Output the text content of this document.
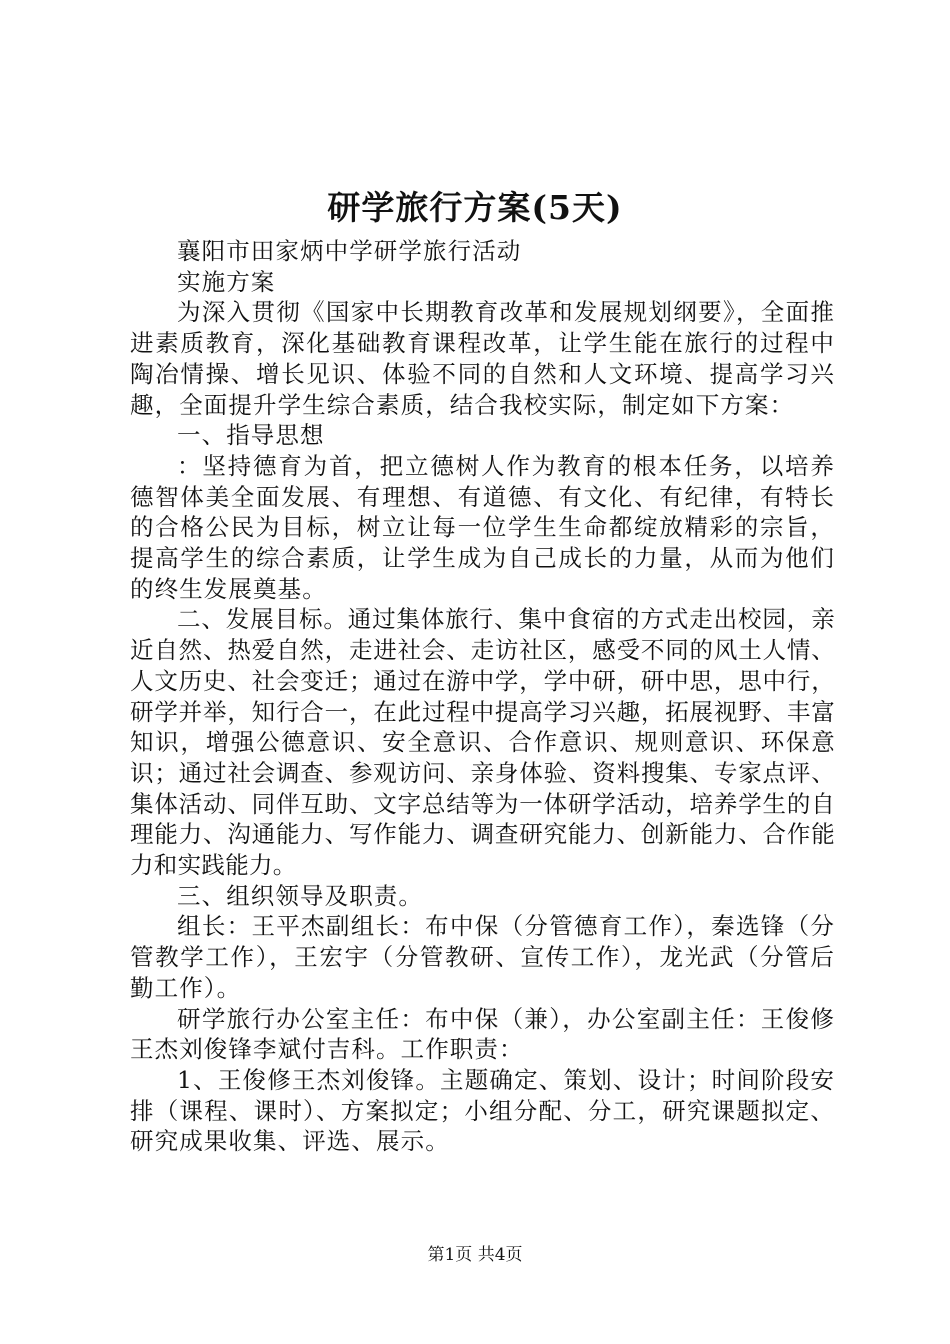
研学旅行方案(5天)

襄阳市田家炳中学研学旅行活动

实施方案

为深入贯彻《国家中长期教育改革和发展规划纲要》，全面推进素质教育，深化基础教育课程改革，让学生能在旅行的过程中陶冶情操、增长见识、体验不同的自然和人文环境、提高学习兴趣，全面提升学生综合素质，结合我校实际，制定如下方案：

一、指导思想

：坚持德育为首，把立德树人作为教育的根本任务，以培养德智体美全面发展、有理想、有道德、有文化、有纪律，有特长的合格公民为目标，树立让每一位学生生命都绽放精彩的宗旨，提高学生的综合素质，让学生成为自己成长的力量，从而为他们的终生发展奠基。

二、发展目标。通过集体旅行、集中食宿的方式走出校园，亲近自然、热爱自然，走进社会、走访社区，感受不同的风土人情、人文历史、社会变迁；通过在游中学，学中研，研中思，思中行，研学并举，知行合一，在此过程中提高学习兴趣，拓展视野、丰富知识，增强公德意识、安全意识、合作意识、规则意识、环保意识；通过社会调查、参观访问、亲身体验、资料搜集、专家点评、集体活动、同伴互助、文字总结等为一体研学活动，培养学生的自理能力、沟通能力、写作能力、调查研究能力、创新能力、合作能力和实践能力。

三、组织领导及职责。

组长：王平杰副组长：布中保（分管德育工作），秦选锋（分管教学工作），王宏宇（分管教研、宣传工作），龙光武（分管后勤工作）。

研学旅行办公室主任：布中保（兼），办公室副主任：王俊修王杰刘俊锋李斌付吉科。工作职责：

1、王俊修王杰刘俊锋。主题确定、策划、设计；时间阶段安排（课程、课时）、方案拟定；小组分配、分工，研究课题拟定、研究成果收集、评选、展示。

第1页 共4页
